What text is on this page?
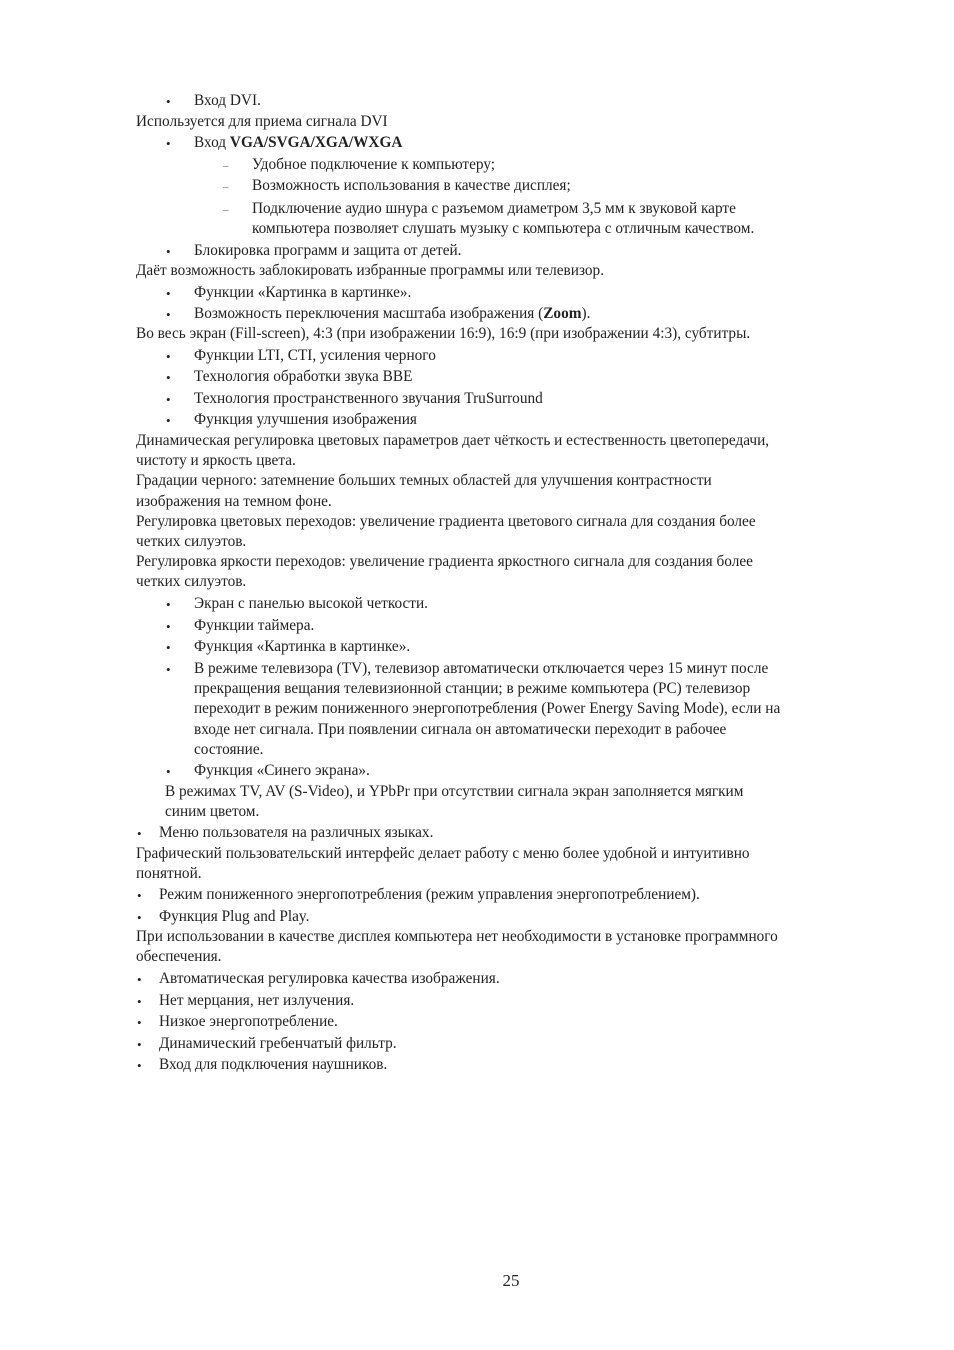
• Вход DVI.

Используется для приема сигнала DVI

• Вход VGA/SVGA/XGA/WXGA

– Удобное подключение к компьютеру;

– Возможность использования в качестве дисплея;

– Подключение аудио шнура с разъемом диаметром 3,5 мм к звуковой карте

компьютера позволяет слушать музыку с компьютера с отличным качеством.

• Блокировка программ и защита от детей.

Даёт возможность заблокировать избранные программы или телевизор.

• Функции «Картинка в картинке».

• Возможность переключения масштаба изображения (Zoom).

Во весь экран (Fill-screen), 4:3 (при изображении 16:9), 16:9 (при изображении 4:3), субтитры.

• Функции LTI, CTI, усиления черного

• Технология обработки звука BBE

• Технология пространственного звучания TruSurround

• Функция улучшения изображения

Динамическая регулировка цветовых параметров дает чёткость и естественность цветопередачи,

чистоту и яркость цвета.

Градации черного: затемнение больших темных областей для улучшения контрастности

изображения на темном фоне.

Регулировка цветовых переходов: увеличение градиента цветового сигнала для создания более

четких силуэтов.

Регулировка яркости переходов: увеличение градиента яркостного сигнала для создания более

четких силуэтов.

• Экран с панелью высокой четкости.

• Функции таймера.

• Функция «Картинка в картинке».

• В режиме телевизора (TV), телевизор автоматически отключается через 15 минут после

прекращения вещания телевизионной станции; в режиме компьютера (PC) телевизор

переходит в режим пониженного энергопотребления (Power Energy Saving Mode), если на

входе нет сигнала. При появлении сигнала он автоматически переходит в рабочее

состояние.

• Функция «Синего экрана».

В режимах TV, AV (S-Video), и YPbPr при отсутствии сигнала экран заполняется мягким

синим цветом.

• Меню пользователя на различных языках.

Графический пользовательский интерфейс делает работу с меню более удобной и интуитивно

понятной.

• Режим пониженного энергопотребления (режим управления энергопотреблением).

• Функция Plug and Play.

При использовании в качестве дисплея компьютера нет необходимости в установке программного

обеспечения.

• Автоматическая регулировка качества изображения.

• Нет мерцания, нет излучения.

• Низкое энергопотребление.

• Динамический гребенчатый фильтр.

• Вход для подключения наушников.

25
